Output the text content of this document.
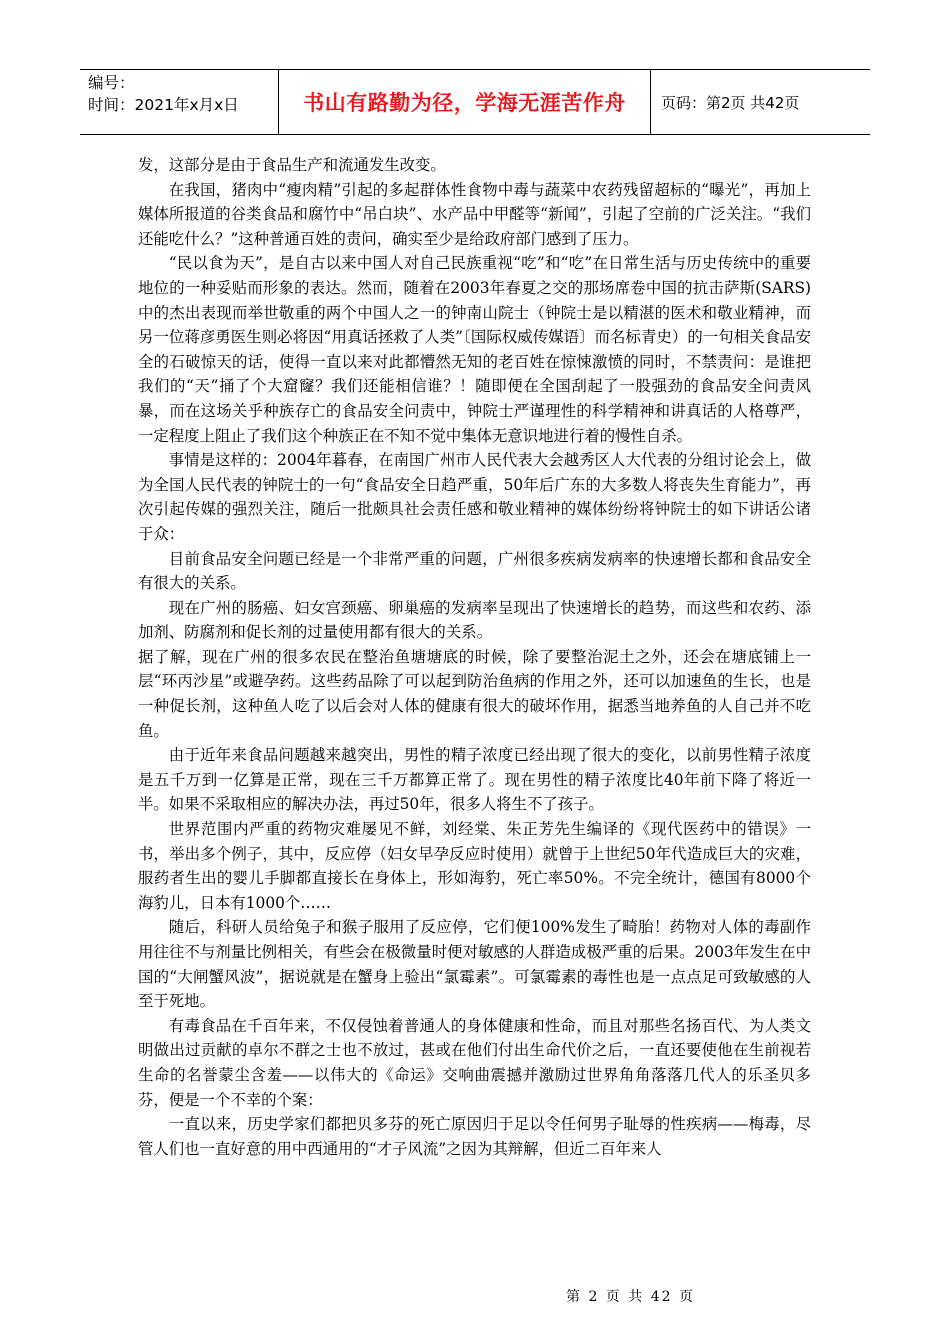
编号：
时间：2021年x月x日	书山有路勤为径，学海无涯苦作舟	页码：第2页 共42页

发，这部分是由于食品生产和流通发生改变。

在我国，猪肉中“瘦肉精”引起的多起群体性食物中毒与蔬菜中农药残留超标的“曝光”，再加上媒体所报道的谷类食品和腐竹中“吊白块”、水产品中甲醛等“新闻”，引起了空前的广泛关注。“我们还能吃什么？”这种普通百姓的责问，确实至少是给政府部门感到了压力。

“民以食为天”，是自古以来中国人对自己民族重视“吃”和“吃”在日常生活与历史传统中的重要地位的一种妥贴而形象的表达。然而，随着在2003年春夏之交的那场席卷中国的抗击萨斯(SARS)中的杰出表现而举世敬重的两个中国人之一的钟南山院士（钟院士是以精湛的医术和敬业精神，而另一位蒋彦勇医生则必将因“用真话拯救了人类”〔国际权威传媒语〕而名标青史）的一句相关食品安全的石破惊天的话，使得一直以来对此都懵然无知的老百姓在惊悚激愤的同时，不禁责问：是谁把我们的“天”捅了个大窟窿？我们还能相信谁？！随即便在全国刮起了一股强劲的食品安全问责风暴，而在这场关乎种族存亡的食品安全问责中，钟院士严谨理性的科学精神和讲真话的人格尊严，一定程度上阻止了我们这个种族正在不知不觉中集体无意识地进行着的慢性自杀。

事情是这样的：2004年暮春，在南国广州市人民代表大会越秀区人大代表的分组讨论会上，做为全国人民代表的钟院士的一句“食品安全日趋严重，50年后广东的大多数人将丧失生育能力”，再次引起传媒的强烈关注，随后一批颇具社会责任感和敬业精神的媒体纷纷将钟院士的如下讲话公诸于众：

目前食品安全问题已经是一个非常严重的问题，广州很多疾病发病率的快速增长都和食品安全有很大的关系。

现在广州的肠癌、妇女宫颈癌、卵巢癌的发病率呈现出了快速增长的趋势，而这些和农药、添加剂、防腐剂和促长剂的过量使用都有很大的关系。

据了解，现在广州的很多农民在整治鱼塘塘底的时候，除了要整治泥土之外，还会在塘底铺上一层“环丙沙星”或避孕药。这些药品除了可以起到防治鱼病的作用之外，还可以加速鱼的生长，也是一种促长剂，这种鱼人吃了以后会对人体的健康有很大的破坏作用，据悉当地养鱼的人自己并不吃鱼。

由于近年来食品问题越来越突出，男性的精子浓度已经出现了很大的变化，以前男性精子浓度是五千万到一亿算是正常，现在三千万都算正常了。现在男性的精子浓度比40年前下降了将近一半。如果不采取相应的解决办法，再过50年，很多人将生不了孩子。

世界范围内严重的药物灾难屡见不鲜，刘经棠、朱正芳先生编译的《现代医药中的错误》一书，举出多个例子，其中，反应停（妇女早孕反应时使用）就曾于上世纪50年代造成巨大的灾难，服药者生出的婴儿手脚都直接长在身体上，形如海豹，死亡率50%。不完全统计，德国有8000个海豹儿，日本有1000个……

随后，科研人员给兔子和猴子服用了反应停，它们便100%发生了畸胎！药物对人体的毒副作用往往不与剂量比例相关，有些会在极微量时便对敏感的人群造成极严重的后果。2003年发生在中国的“大闸蟹风波”，据说就是在蟹身上验出“氯霉素”。可氯霉素的毒性也是一点点足可致敏感的人至于死地。

有毒食品在千百年来，不仅侵蚀着普通人的身体健康和性命，而且对那些名扬百代、为人类文明做出过贡献的卓尔不群之士也不放过，甚或在他们付出生命代价之后，一直还要使他在生前视若生命的名誉蒙尘含羞——以伟大的《命运》交响曲震撼并激励过世界角角落落几代人的乐圣贝多芬，便是一个不幸的个案：

一直以来，历史学家们都把贝多芬的死亡原因归于足以令任何男子耻辱的性疾病——梅毒，尽管人们也一直好意的用中西通用的“才子风流”之因为其辩解，但近二百年来人

第 2 页 共 42 页
